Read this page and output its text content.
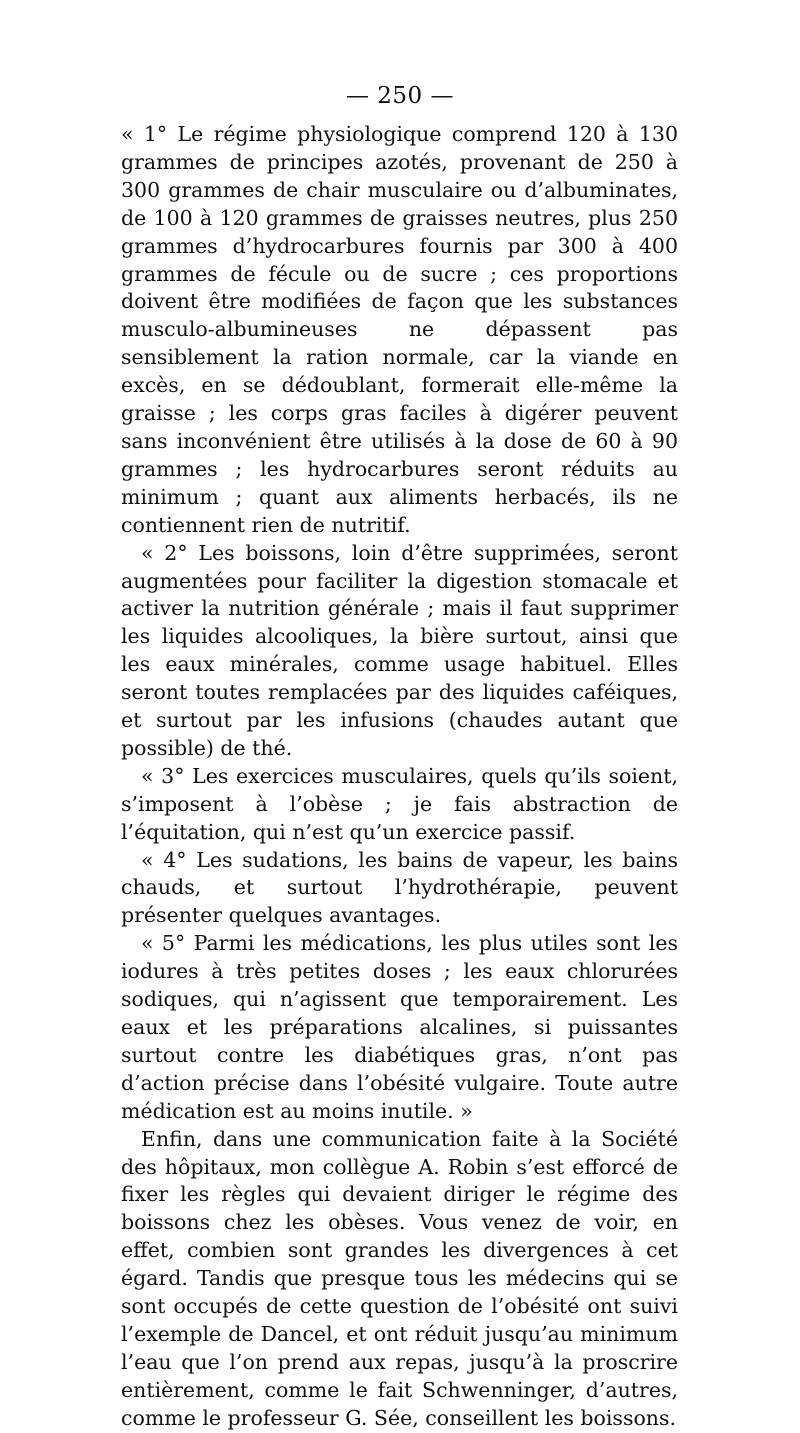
— 250 —

« 1° Le régime physiologique comprend 120 à 130 grammes de principes azotés, provenant de 250 à 300 grammes de chair musculaire ou d’albuminates, de 100 à 120 grammes de graisses neutres, plus 250 grammes d’hydrocarbures fournis par 300 à 400 grammes de fécule ou de sucre ; ces proportions doivent être modifiées de façon que les substances musculo-albumineuses ne dépassent pas sensiblement la ration normale, car la viande en excès, en se dédoublant, formerait elle-même la graisse ; les corps gras faciles à digérer peuvent sans inconvénient être utilisés à la dose de 60 à 90 grammes ; les hydrocarbures seront réduits au minimum ; quant aux aliments herbacés, ils ne contiennent rien de nutritif.

« 2° Les boissons, loin d’être supprimées, seront augmentées pour faciliter la digestion stomacale et activer la nutrition générale ; mais il faut supprimer les liquides alcooliques, la bière surtout, ainsi que les eaux minérales, comme usage habituel. Elles seront toutes remplacées par des liquides caféiques, et surtout par les infusions (chaudes autant que possible) de thé.

« 3° Les exercices musculaires, quels qu’ils soient, s’imposent à l’obèse ; je fais abstraction de l’équitation, qui n’est qu’un exercice passif.

« 4° Les sudations, les bains de vapeur, les bains chauds, et surtout l’hydrothérapie, peuvent présenter quelques avantages.

« 5° Parmi les médications, les plus utiles sont les iodures à très petites doses ; les eaux chlorurées sodiques, qui n’agissent que temporairement. Les eaux et les préparations alcalines, si puissantes surtout contre les diabétiques gras, n’ont pas d’action précise dans l’obésité vulgaire. Toute autre médication est au moins inutile. »

Enfin, dans une communication faite à la Société des hôpitaux, mon collègue A. Robin s’est efforcé de fixer les règles qui devaient diriger le régime des boissons chez les obèses. Vous venez de voir, en effet, combien sont grandes les divergences à cet égard. Tandis que presque tous les médecins qui se sont occupés de cette question de l’obésité ont suivi l’exemple de Dancel, et ont réduit jusqu’au minimum l’eau que l’on prend aux repas, jusqu’à la proscrire entièrement, comme le fait Schwenninger, d’autres, comme le professeur G. Sée, conseillent les boissons.
